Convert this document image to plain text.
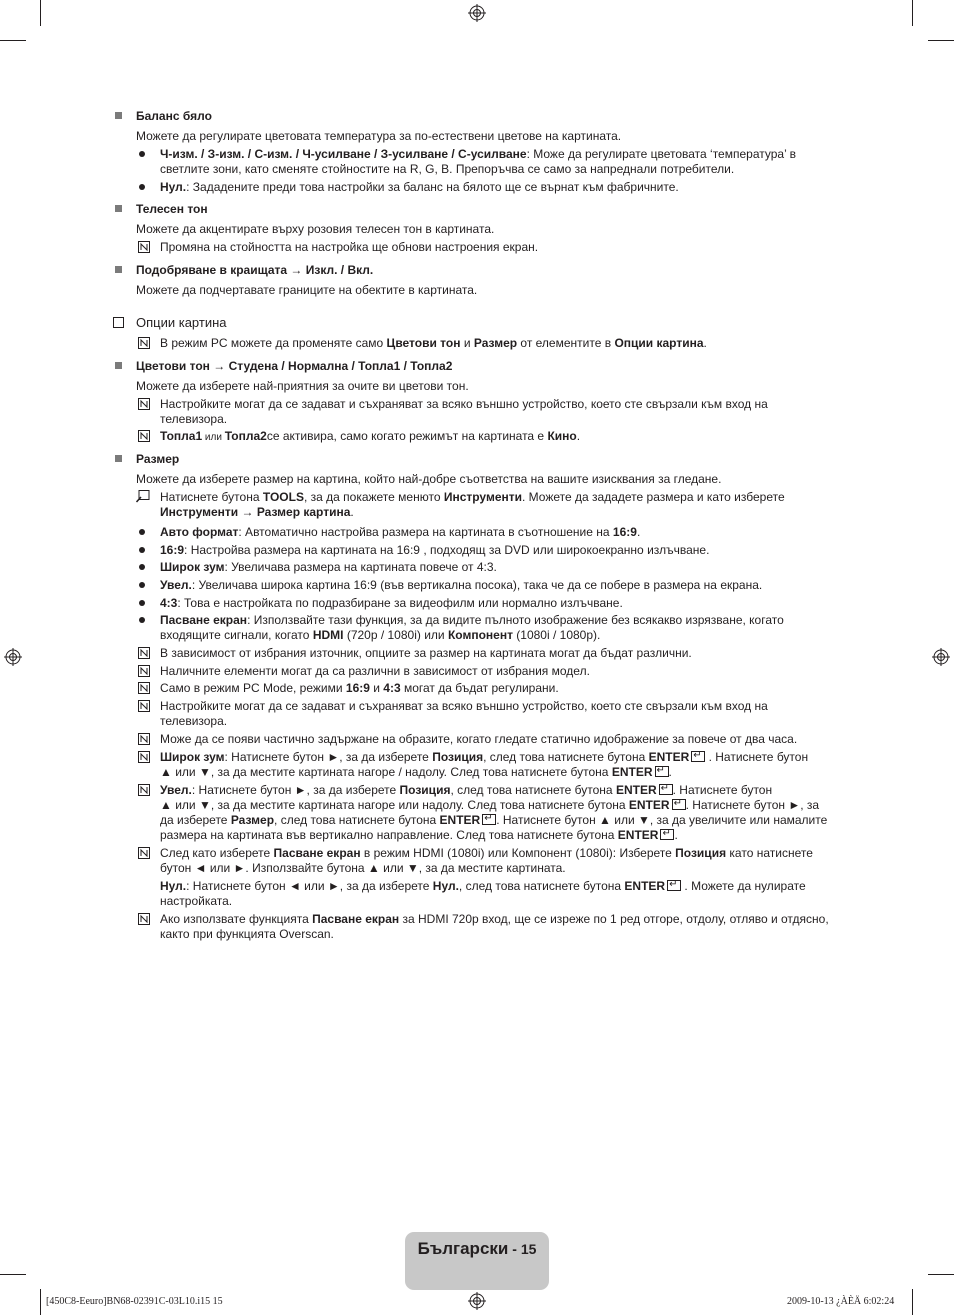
Баланс бяло
Можете да регулирате цветовата температура за по-естествени цветове на картината.
Ч-изм. / З-изм. / С-изм. / Ч-усилване / З-усилване / С-усилване: Може да регулирате цветовата ‘температура’ в
светлите зони, като сменяте стойностите на R, G, B. Препоръчва се само за напреднали потребители.
Нул.: Зададените преди това настройки за баланс на бялото ще се върнат към фабричните.
Телесен тон
Можете да акцентирате върху розовия телесен тон в картината.
Промяна на стойността на настройка ще обнови настроения екран.
Подобряване в краищата → Изкл. / Вкл.
Можете да подчертавате границите на обектите в картината.
Опции картина
В режим PC можете да променяте само Цветови тон и Размер от елементите в Опции картина.
Цветови тон → Студена / Нормална / Топла1 / Топла2
Можете да изберете най-приятния за очите ви цветови тон.
Настройките могат да се задават и съхраняват за всяко външно устройство, което сте свързали към вход на
телевизора.
Топла1 или Топла2се активира, само когато режимът на картината е Кино.
Размер
Можете да изберете размер на картина, който най-добре съответства на вашите изисквания за гледане.
Натиснете бутона TOOLS, за да покажете менюто Инструменти. Можете да зададете размера и като изберете
Инструменти → Размер картина.
Авто формат: Автоматично настройва размера на картината в съотношение на 16:9.
16:9: Настройва размера на картината на 16:9 , подходящ за DVD или широкоекранно излъчване.
Широк зум: Увеличава размера на картината повече от 4:3.
Увел.: Увеличава широка картина 16:9 (във вертикална посока), така че да се побере в размера на екрана.
4:3: Това е настройката по подразбиране за видеофилм или нормално излъчване.
Пасване екран: Използвайте тази функция, за да видите пълното изображение без всякакво изрязване, когато
входящите сигнали, когато HDMI (720p / 1080i) или Компонент (1080i / 1080p).
В зависимост от избрания източник, опциите за размер на картината могат да бъдат различни.
Наличните елементи могат да са различни в зависимост от избрания модел.
Само в режим PC Mode, режими 16:9 и 4:3 могат да бъдат регулирани.
Настройките могат да се задават и съхраняват за всяко външно устройство, което сте свързали към вход на
телевизора.
Може да се появи частично задържане на образите, когато гледате статично идображение за повече от два часа.
Широк зум: Натиснете бутон ►, за да изберете Позиция, след това натиснете бутона ENTER↵ . Натиснете бутон
▲ или ▼, за да местите картината нагоре / надолу. След това натиснете бутона ENTER ↵ .
Увел.: Натиснете бутон ►, за да изберете Позиция, след това натиснете бутона ENTER ↵ . Натиснете бутон
▲ или ▼, за да местите картината нагоре или надолу. След това натиснете бутона ENTER ↵ . Натиснете бутон ►, за
да изберете Размер, след това натиснете бутона ENTER ↵ . Натиснете бутон ▲ или ▼, за да увеличите или намалите
размера на картината във вертикално направление. След това натиснете бутона ENTER ↵ .
След като изберете Пасване екран в режим HDMI (1080i) или Компонент (1080i): Изберете Позиция като натиснете
бутон ◄ или ►. Използвайте бутона ▲ или ▼, за да местите картината.
Нул.: Натиснете бутон ◄ или ►, за да изберете Нул., след това натиснете бутона ENTER↵ . Можете да нулирате
настройката.
Ако използвате функцията Пасване екран за HDMI 720p вход, ще се изреже по 1 ред отгоре, отдолу, отляво и отдясно,
както при функцията Overscan.
Български - 15
[450C8-Eeuro]BN68-02391C-03L10.i15 15	2009-10-13 ¿ÀÈÄ 6:02:24
